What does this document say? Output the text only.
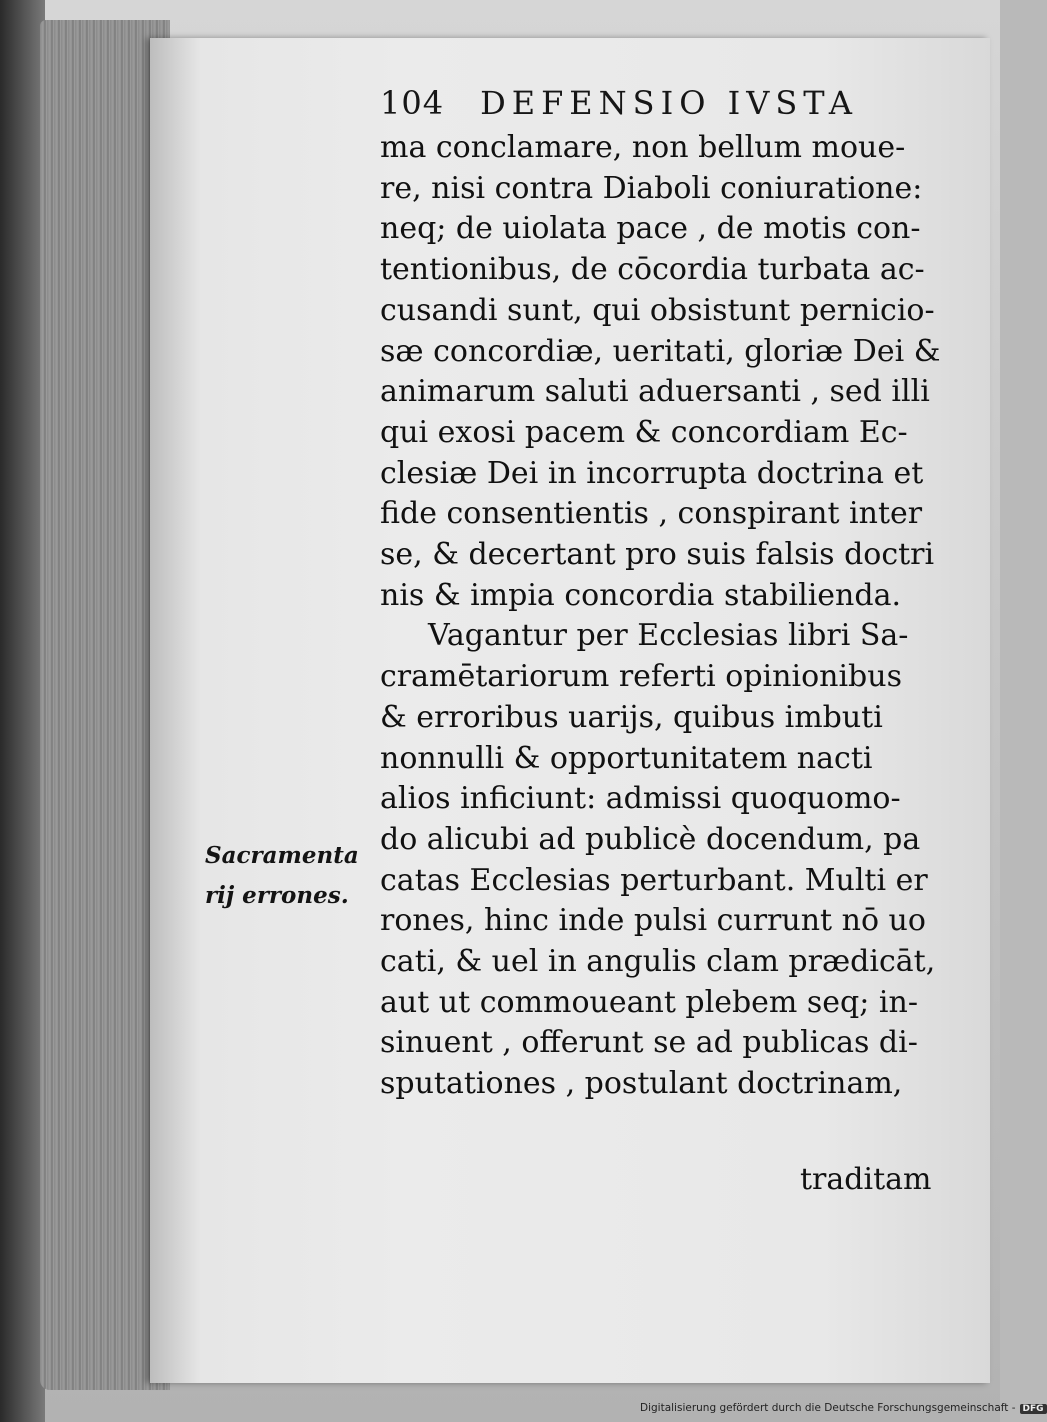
104 DEFENSIO IVSTA
ma conclamare, non bellum moue-
re, nisi contra Diaboli coniuratione:
neq; de uiolata pace , de motis con-
tentionibus, de cōcordia turbata ac-
cusandi sunt, qui obsistunt pernicio-
sæ concordiæ, ueritati, gloriæ Dei &
animarum saluti aduersanti , sed illi
qui exosi pacem & concordiam Ec-
clesiæ Dei in incorrupta doctrina et
fide consentientis , conspirant inter
se, & decertant pro suis falsis doctri
nis & impia concordia stabilienda.
Vagantur per Ecclesias libri Sa-
cramētariorum referti opinionibus
& erroribus uarijs, quibus imbuti
nonnulli & opportunitatem nacti
alios inficiunt: admissi quoquomo-
do alicubi ad publicè docendum, pa
catas Ecclesias perturbant. Multi er
rones, hinc inde pulsi currunt nō uo
cati, & uel in angulis clam prædicāt,
aut ut commoueant plebem seq; in-
sinuent , offerunt se ad publicas di-
sputationes , postulant doctrinam,
traditam
Sacramenta
rij errones.
Digitalisierung gefördert durch die Deutsche Forschungsgemeinschaft - DFG
